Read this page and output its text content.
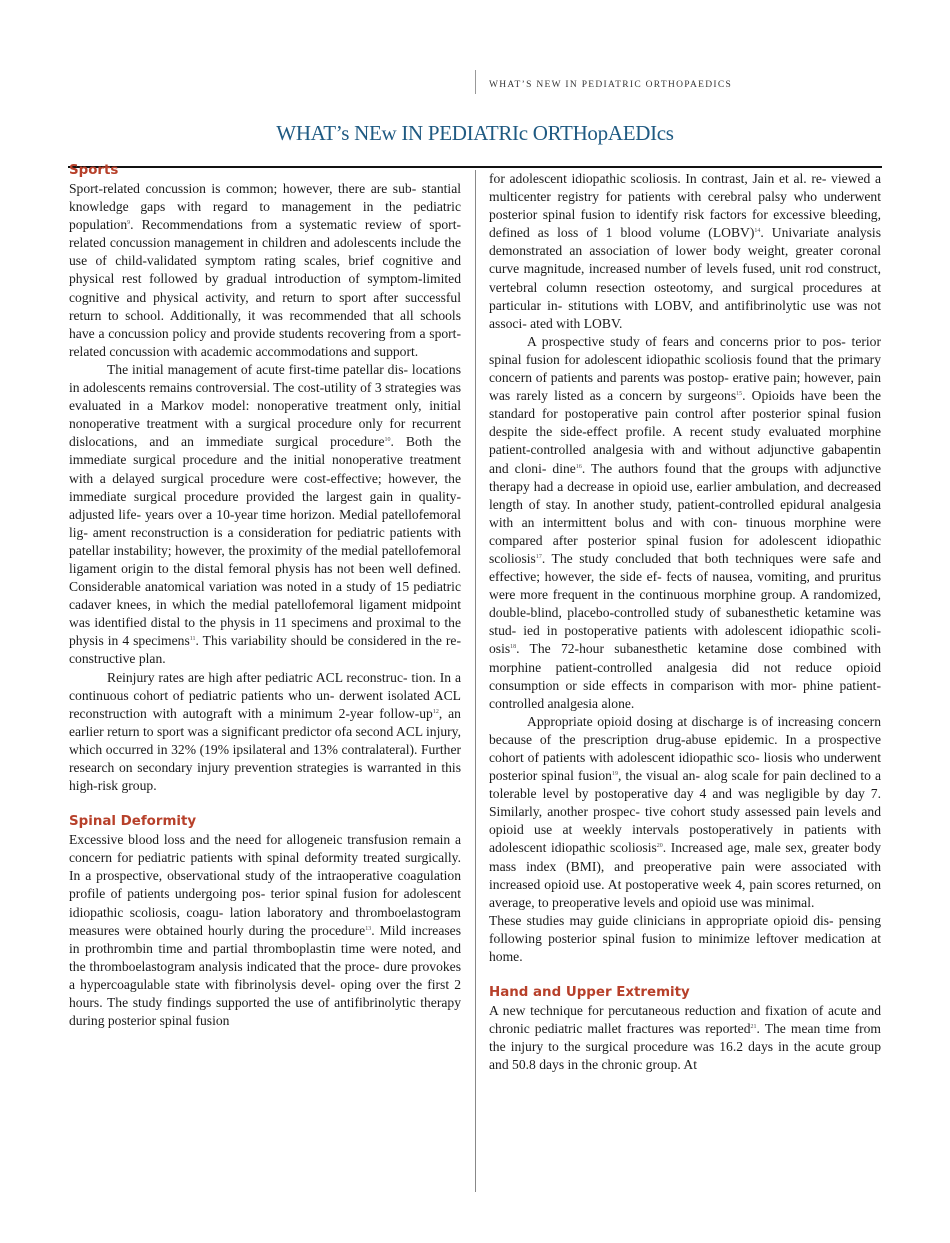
WHAT’S NEW IN PEDIATRIC ORTHOPAEDICS
WHAT’s NEw IN PEDIATRIc ORTHopAEDIcs
Sports

Sport-related concussion is common; however, there are sub- stantial knowledge gaps with regard to management in the pediatric population$^9$. Recommendations from a systematic review of sport-related concussion management in children and adolescents include the use of child-validated symptom rating scales, brief cognitive and physical rest followed by gradual introduction of symptom-limited cognitive and physical activity, and return to sport after successful return to school. Additionally, it was recommended that all schools have a concussion policy and provide students recovering from a sport-related concussion with academic accommodations and support.

The initial management of acute first-time patellar dis- locations in adolescents remains controversial. The cost-utility of 3 strategies was evaluated in a Markov model: nonoperative treatment only, initial nonoperative treatment with a surgical procedure only for recurrent dislocations, and an immediate surgical procedure$^{10}$. Both the immediate surgical procedure and the initial nonoperative treatment with a delayed surgical procedure were cost-effective; however, the immediate surgical procedure provided the largest gain in quality-adjusted life- years over a 10-year time horizon. Medial patellofemoral lig- ament reconstruction is a consideration for pediatric patients with patellar instability; however, the proximity of the medial patellofemoral ligament origin to the distal femoral physis has not been well defined. Considerable anatomical variation was noted in a study of 15 pediatric cadaver knees, in which the medial patellofemoral ligament midpoint was identified distal to the physis in 11 specimens and proximal to the physis in 4 specimens$^{11}$. This variability should be considered in the re- constructive plan.

Reinjury rates are high after pediatric ACL reconstruc- tion. In a continuous cohort of pediatric patients who un- derwent isolated ACL reconstruction with autograft with a minimum 2-year follow-$up^{12}$, an earlier return to sport was a significant predictor ofa second ACL injury, which occurred in 32% (19% ipsilateral and 13% contralateral). Further research on secondary injury prevention strategies is warranted in this high-risk group.

Spinal Deformity

Excessive blood loss and the need for allogeneic transfusion remain a concern for pediatric patients with spinal deformity treated surgically. In a prospective, observational study of the intraoperative coagulation profile of patients undergoing pos- terior spinal fusion for adolescent idiopathic scoliosis, coagu- lation laboratory and thromboelastogram measures were obtained hourly during the procedure$^{13}$. Mild increases in prothrombin time and partial thromboplastin time were noted, and the thromboelastogram analysis indicated that the proce- dure provokes a hypercoagulable state with fibrinolysis devel- oping over the first 2 hours. The study findings supported the use of antifibrinolytic therapy during posterior spinal fusion

for adolescent idiopathic scoliosis. In contrast, Jain et al. re- viewed a multicenter registry for patients with cerebral palsy who underwent posterior spinal fusion to identify risk factors for excessive bleeding, defined as loss of 1 blood volume (LOBV)$^{14}$. Univariate analysis demonstrated an association of lower body weight, greater coronal curve magnitude, increased number of levels fused, unit rod construct, vertebral column resection osteotomy, and surgical procedures at particular in- stitutions with LOBV, and antifibrinolytic use was not associ- ated with LOBV.

A prospective study of fears and concerns prior to pos- terior spinal fusion for adolescent idiopathic scoliosis found that the primary concern of patients and parents was postop- erative pain; however, pain was rarely listed as a concern by surgeons$^{15}$. Opioids have been the standard for postoperative pain control after posterior spinal fusion despite the side-effect profile. A recent study evaluated morphine patient-controlled analgesia with and without adjunctive gabapentin and cloni- dine$^{16}$. The authors found that the groups with adjunctive therapy had a decrease in opioid use, earlier ambulation, and decreased length of stay. In another study, patient-controlled epidural analgesia with an intermittent bolus and with con- tinuous morphine were compared after posterior spinal fusion for adolescent idiopathic scoliosis$^{17}$. The study concluded that both techniques were safe and effective; however, the side ef- fects of nausea, vomiting, and pruritus were more frequent in the continuous morphine group. A randomized, double-blind, placebo-controlled study of subanesthetic ketamine was stud- ied in postoperative patients with adolescent idiopathic scoli- osis$^{18}$. The 72-hour subanesthetic ketamine dose combined with morphine patient-controlled analgesia did not reduce opioid consumption or side effects in comparison with mor- phine patient-controlled analgesia alone.

Appropriate opioid dosing at discharge is of increasing concern because of the prescription drug-abuse epidemic. In a prospective cohort of patients with adolescent idiopathic sco- liosis who underwent posterior spinal fusion$^{19}$, the visual an- alog scale for pain declined to a tolerable level by postoperative day 4 and was negligible by day 7. Similarly, another prospec- tive cohort study assessed pain levels and opioid use at weekly intervals postoperatively in patients with adolescent idiopathic scoliosis$^{20}$. Increased age, male sex, greater body mass index (BMI), and preoperative pain were associated with increased opioid use. At postoperative week 4, pain scores returned, on average, to preoperative levels and opioid use was minimal.

These studies may guide clinicians in appropriate opioid dis- pensing following posterior spinal fusion to minimize leftover medication at home.

Hand and Upper Extremity

A new technique for percutaneous reduction and fixation of acute and chronic pediatric mallet fractures was reported$^{21}$. The mean time from the injury to the surgical procedure was 16.2 days in the acute group and 50.8 days in the chronic group. At
